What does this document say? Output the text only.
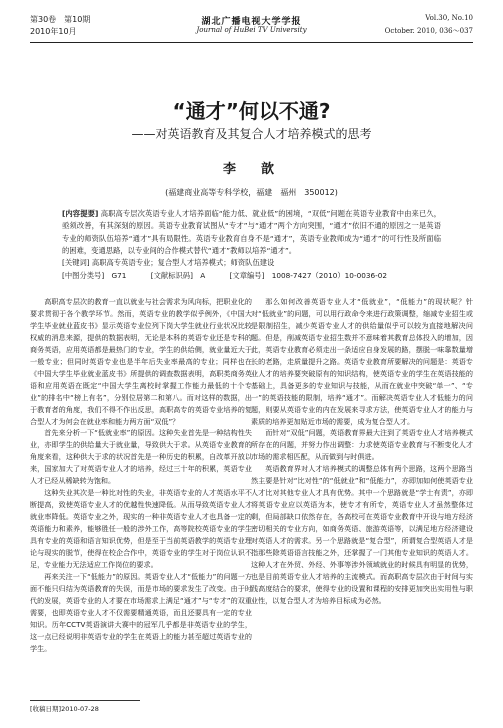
第30卷　第10期	湖北广播电视大学学报	Vol.30, No.10
2010年10月	Journal of HuBei TV University	October. 2010, 036～037
“通才”何以不通?
——对英语教育及其复合人才培养模式的思考
李　歆
(福建商业高等专科学校，福建　福州　350012)
[内容提要] 高职高专层次英语专业人才培养面临“能力低、就业低”的困境，“双低”问题在英语专业教育中由来已久，亟须改善，有其深刻的原因。英语专业教育试图从“专才”与“通才”两个方向突围，“通才”依旧不通的原因之一是英语专业的师资队伍培养“通才”具有局限性。英语专业教育自身不是“通才”，英语专业教师成为“通才”的可行性及所面临的困难，变通思路，以专业间的合作模式替代“通才”教师以培养“通才”。
[关键词] 高职高专英语专业；复合型人才培养模式；师资队伍建设
[中图分类号]　G71	[文献标识码]　A	[文章编号]　1008-7427（2010）10-0036-02

高职高专层次的教育一直以就业与社会需求为风向标，把职业化的要求贯彻于各个教学环节。然而，英语专业的教学似乎例外，《中国大学生毕业就业蓝皮书》显示英语专业位列下岗大学生就业行业状况比较权威的消息来源，提供的数据表明，无论是本科的英语专业还是专科的商务英语，应用英语都是最热门的专业，学生的供给侧，就业量近大于一般专业；但同时英语专业也是半年后失业率最高的专业；同样也在《中国大学生毕业就业蓝皮书》所提供的调查数据表明，高职类商务英语和应用英语在既定“中国大学生离校时掌握工作能力最低的十个专业”的排名中“榜上有名”，分别位居第二和第八。而对这样的数据，出于教育者的角度，我们不得不作出反思，高职高专的英语专业培养的复合型人才为何会在就业率和能力两方面“双低”？

首先来分析一下“低就业率”的原因。这种失业首先是一种结构性失业，亦即学生的供给量大于就业量，导致供大于求。从英语专业教育的角度来看，这种供大于求的状况首先是一种历史的积累，自改革开放以来，国家加大了对英语专业人才的培养，经过三十年的积累，英语专业人才已经从稀缺转为饱和。

这种失业其次是一种比对性的失业，非英语专业的人才英语水平不断提高，致使英语专业人才的优越性快速降低。从而导致英语专业人才就业率降低。英语专业之外，现实的一种非英语专业人才也具备一定的英语能力和素养，能够胜任一般的涉外工作，高等院校英语专业的学生具有专业的英语和语言知识优势，但是至于当前英语教学的英语专业理论与现实的脱节，使得在校企合作中，英语专业的学生对于岗位认识不足，专业能力无法适应工作岗位的要求。

再来关注一下“低能力”的原因。英语专业人才“低能力”的问题一方面不能只归结为英语教育的失误，而是市场的要求发生了改变。由于时代的发展，英语专业的人才要在市场需求上满足“通才”与“专才”的双重需要，也即英语专业人才不仅需要精通英语，而且还要具有一定的专业知识。历年CCTV英语演讲大赛中的冠军几乎都是非英语专业的学生，这一点已经说明非英语专业的学生在英语上的能力甚至超过英语专业的学生。

那么如何改善英语专业人才“低就业”，“低能力”的现状呢？针对“低就业”的问题，可以用行政命令来进行政策调整，缩减专业招生或是限制招生，减少英语专业人才的供给量似乎可以较为直接地解决问题。但是，削减英语专业招生数并不意味着其教育总体投入的增加，因此，英语专业教育必须走出一条适应自身发展的路，摆脱一味靠数量增长的老路，走质量提升之路。英语专业教育所要解决的问题是：英语专业人才的培养要突破原有的知识结构，使英语专业的学生在英语技能的基础上，具备更多的专业知识与技能，从而在就业中突破“单一”、“专一”的英语技能的限制，培养“通才”。而解决英语专业人才低能力的问题，则要从英语专业的内在发展来寻求方法，使英语专业人才的能力与素质的培养更加贴近市场的需要，成为复合型人才。

而针对“双低”问题，英语教育界最大注到了英语专业人才培养模式所存在的问题，并努力作出调整：力求使英语专业教育与不断变化人才市场的需求相匹配，从而做到与时俱进。

英语教育界对人才培养模式的调整总体有两个思路，这两个思路当然主要是针对“比对性”的“低就业”和“低能力”，亦即加如何使英语专业人才比对其他专业人才具有优势。其中一个思路就是“学士有责”，亦即将英语专业应以英语为本，使专才有所专，英语专业人才虽然整体过剩，但局部缺口依然存在，各高校可在英语专业教育中开设与地方经济密切相关的专业方向，如商务英语、旅游英语等，以满足地方经济建设对英语人才的需求。另一个思路就是“复合型”，所谓复合型英语人才是指那些除英语语言技能之外，还掌握了一门其他专业知识的英语人才。这种人才在外贸、外经、外事等涉外领域就业的时候具有明显的优势，也是目前英语专业人才培养的主流模式。而高职高专层次由于时间与实践高度结合的要求，使得专业的设置和课程的安排更加突出实用性与职业性，以复合型人才为培养目标成为必然。

[收稿日期]2010-07-28
